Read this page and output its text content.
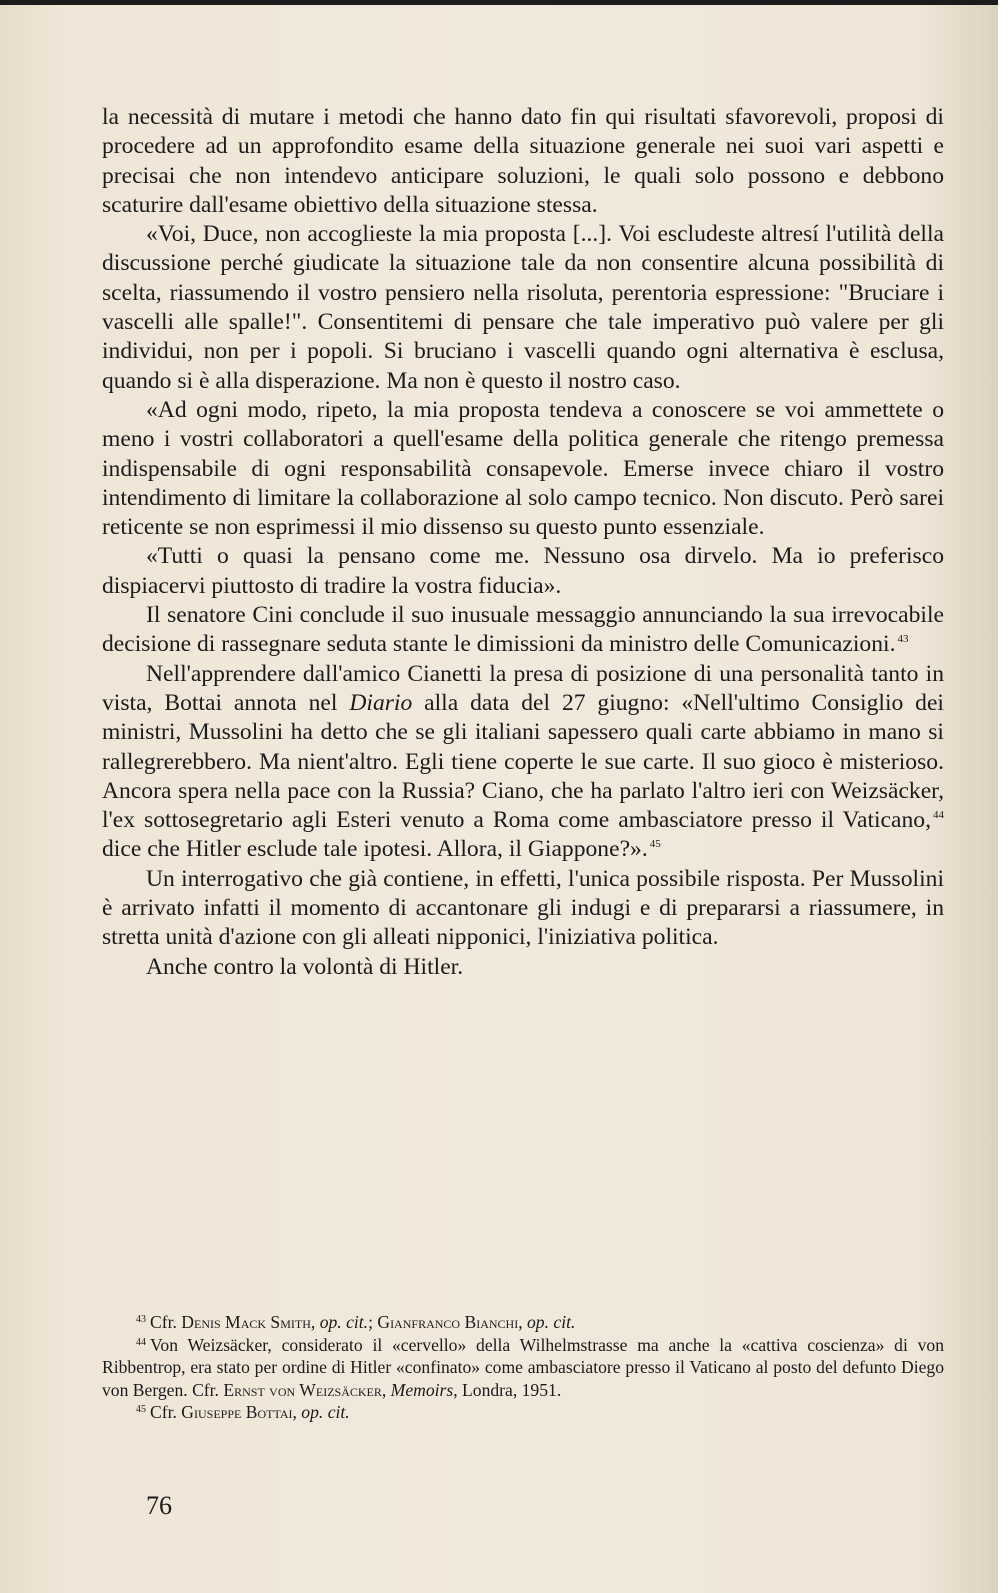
la necessità di mutare i metodi che hanno dato fin qui risultati sfavorevoli, proposi di procedere ad un approfondito esame della situazione generale nei suoi vari aspetti e precisai che non intendevo anticipare soluzioni, le quali solo possono e debbono scaturire dall'esame obiettivo della situazione stessa.

«Voi, Duce, non accoglieste la mia proposta [...]. Voi escludeste altresí l'utilità della discussione perché giudicate la situazione tale da non consentire alcuna possibilità di scelta, riassumendo il vostro pensiero nella risoluta, perentoria espressione: "Bruciare i vascelli alle spalle!". Consentitemi di pensare che tale imperativo può valere per gli individui, non per i popoli. Si bruciano i vascelli quando ogni alternativa è esclusa, quando si è alla disperazione. Ma non è questo il nostro caso.

«Ad ogni modo, ripeto, la mia proposta tendeva a conoscere se voi ammettete o meno i vostri collaboratori a quell'esame della politica generale che ritengo premessa indispensabile di ogni responsabilità consapevole. Emerse invece chiaro il vostro intendimento di limitare la collaborazione al solo campo tecnico. Non discuto. Però sarei reticente se non esprimessi il mio dissenso su questo punto essenziale.

«Tutti o quasi la pensano come me. Nessuno osa dirvelo. Ma io preferisco dispiacervi piuttosto di tradire la vostra fiducia».

Il senatore Cini conclude il suo inusuale messaggio annunciando la sua irrevocabile decisione di rassegnare seduta stante le dimissioni da ministro delle Comunicazioni. $^{43}$

Nell'apprendere dall'amico Cianetti la presa di posizione di una personalità tanto in vista, Bottai annota nel Diario alla data del 27 giugno: «Nell'ultimo Consiglio dei ministri, Mussolini ha detto che se gli italiani sapessero quali carte abbiamo in mano si rallegrerebbero. Ma nient'altro. Egli tiene coperte le sue carte. Il suo gioco è misterioso. Ancora spera nella pace con la Russia? Ciano, che ha parlato l'altro ieri con Weizsäcker, l'ex sottosegretario agli Esteri venuto a Roma come ambasciatore presso il Vaticano, $^{44}$ dice che Hitler esclude tale ipotesi. Allora, il Giappone?». $^{45}$

Un interrogativo che già contiene, in effetti, l'unica possibile risposta. Per Mussolini è arrivato infatti il momento di accantonare gli indugi e di prepararsi a riassumere, in stretta unità d'azione con gli alleati nipponici, l'iniziativa politica.

Anche contro la volontà di Hitler.

$^{43}$ Cfr. Denis Mack Smith, op. cit.; Gianfranco Bianchi, op. cit.

$^{44}$ Von Weizsäcker, considerato il «cervello» della Wilhelmstrasse ma anche la «cattiva coscienza» di von Ribbentrop, era stato per ordine di Hitler «confinato» come ambasciatore presso il Vaticano al posto del defunto Diego von Bergen. Cfr. Ernst von Weizsäcker, Memoirs, Londra, 1951.

$^{45}$ Cfr. Giuseppe Bottai, op. cit.

76
